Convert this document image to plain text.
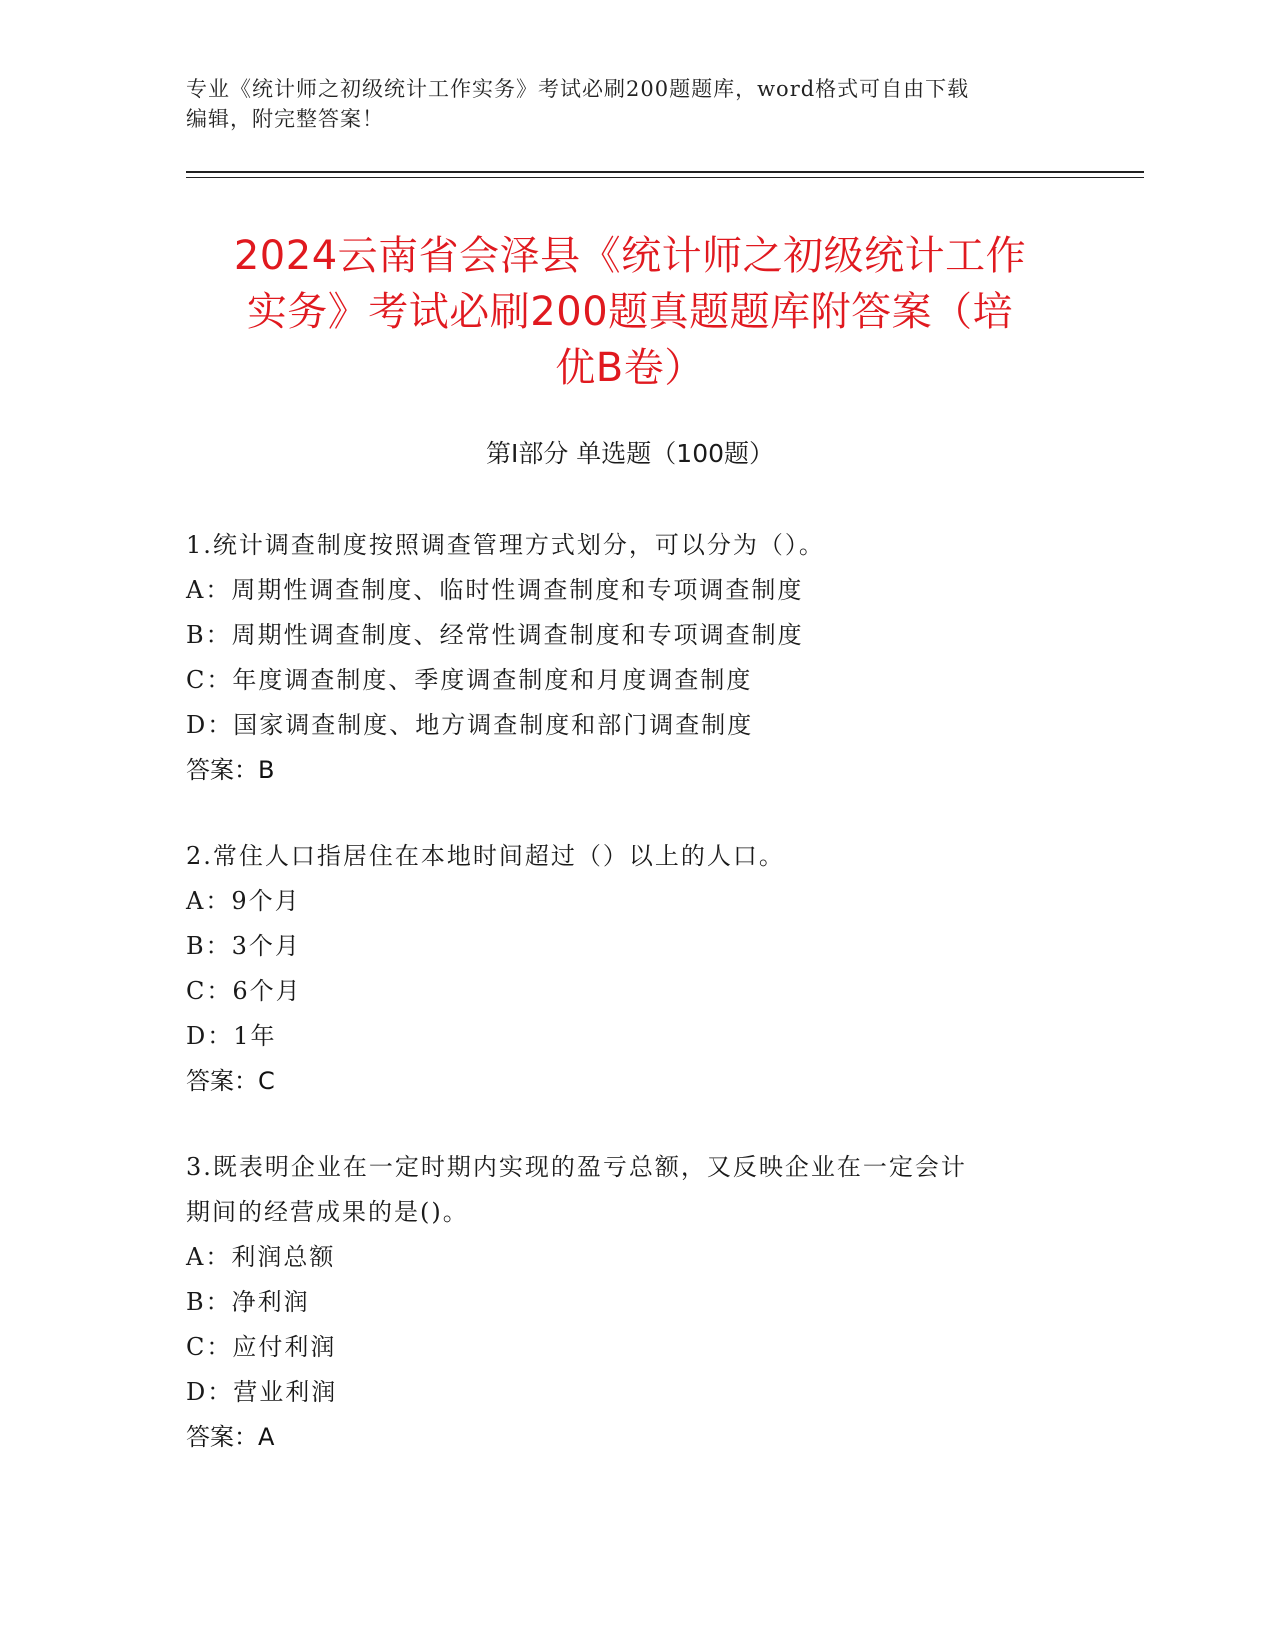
专业《统计师之初级统计工作实务》考试必刷200题题库，word格式可自由下载
编辑，附完整答案！
2024云南省会泽县《统计师之初级统计工作
实务》考试必刷200题真题题库附答案（培
优B卷）
第I部分 单选题（100题）
1.统计调查制度按照调查管理方式划分，可以分为（）。
A：周期性调查制度、临时性调查制度和专项调查制度
B：周期性调查制度、经常性调查制度和专项调查制度
C：年度调查制度、季度调查制度和月度调查制度
D：国家调查制度、地方调查制度和部门调查制度
答案：B
2.常住人口指居住在本地时间超过（）以上的人口。
A：9个月
B：3个月
C：6个月
D：1年
答案：C
3.既表明企业在一定时期内实现的盈亏总额，又反映企业在一定会计
期间的经营成果的是()。
A：利润总额
B：净利润
C：应付利润
D：营业利润
答案：A
